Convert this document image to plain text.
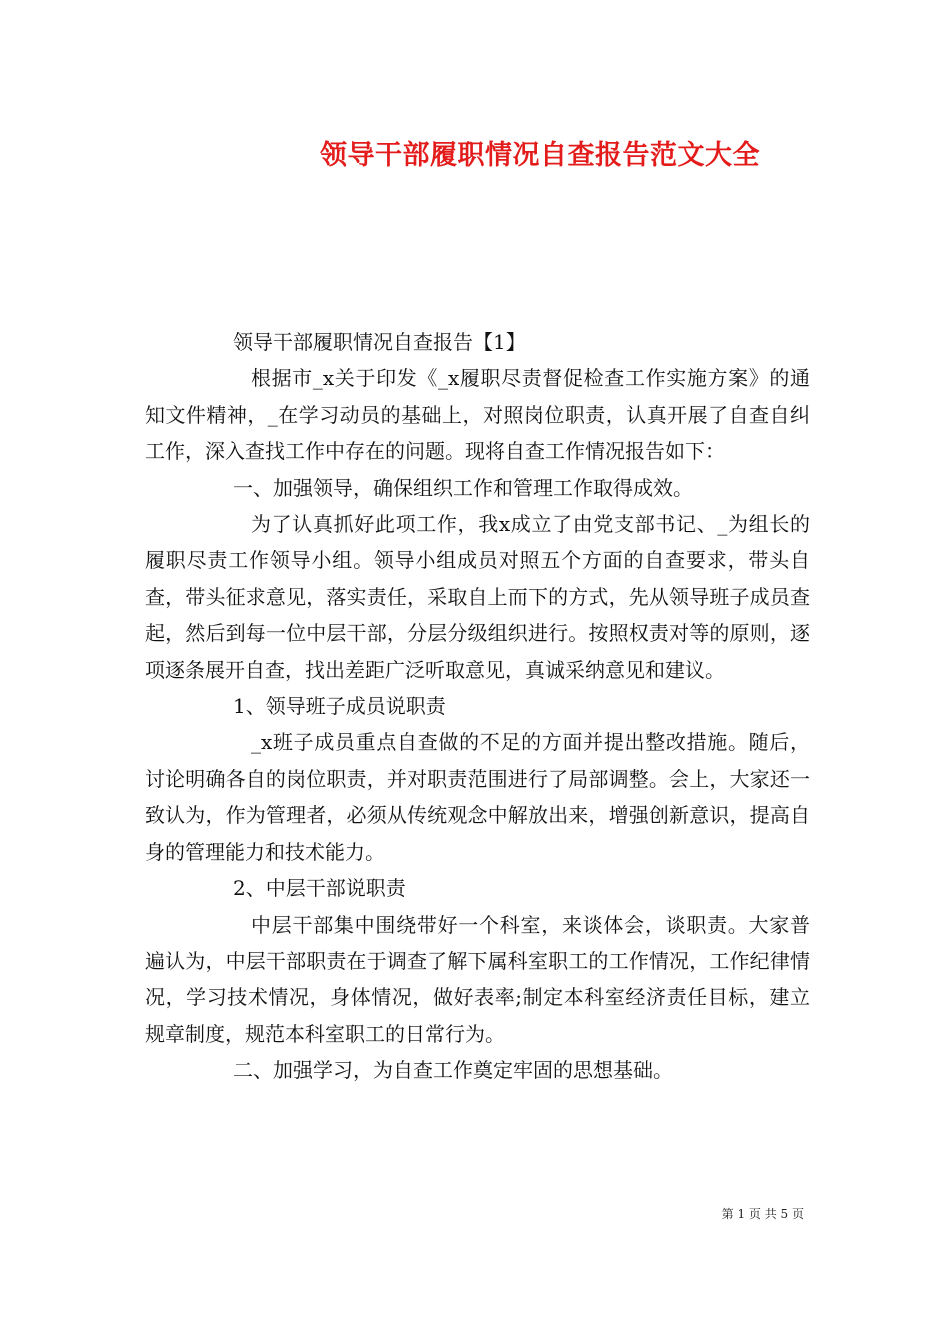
领导干部履职情况自查报告范文大全

领导干部履职情况自查报告【1】

根据市_x关于印发《_x履职尽责督促检查工作实施方案》的通知文件精神，_在学习动员的基础上，对照岗位职责，认真开展了自查自纠工作，深入查找工作中存在的问题。现将自查工作情况报告如下：

一、加强领导，确保组织工作和管理工作取得成效。

为了认真抓好此项工作，我x成立了由党支部书记、_为组长的履职尽责工作领导小组。领导小组成员对照五个方面的自查要求，带头自查，带头征求意见，落实责任，采取自上而下的方式，先从领导班子成员查起，然后到每一位中层干部，分层分级组织进行。按照权责对等的原则，逐项逐条展开自查，找出差距广泛听取意见，真诚采纳意见和建议。

1、领导班子成员说职责

_x班子成员重点自查做的不足的方面并提出整改措施。随后，讨论明确各自的岗位职责，并对职责范围进行了局部调整。会上，大家还一致认为，作为管理者，必须从传统观念中解放出来，增强创新意识，提高自身的管理能力和技术能力。

2、中层干部说职责

中层干部集中围绕带好一个科室，来谈体会，谈职责。大家普遍认为，中层干部职责在于调查了解下属科室职工的工作情况，工作纪律情况，学习技术情况，身体情况，做好表率;制定本科室经济责任目标，建立规章制度，规范本科室职工的日常行为。

二、加强学习，为自查工作奠定牢固的思想基础。

第 1 页 共 5 页
